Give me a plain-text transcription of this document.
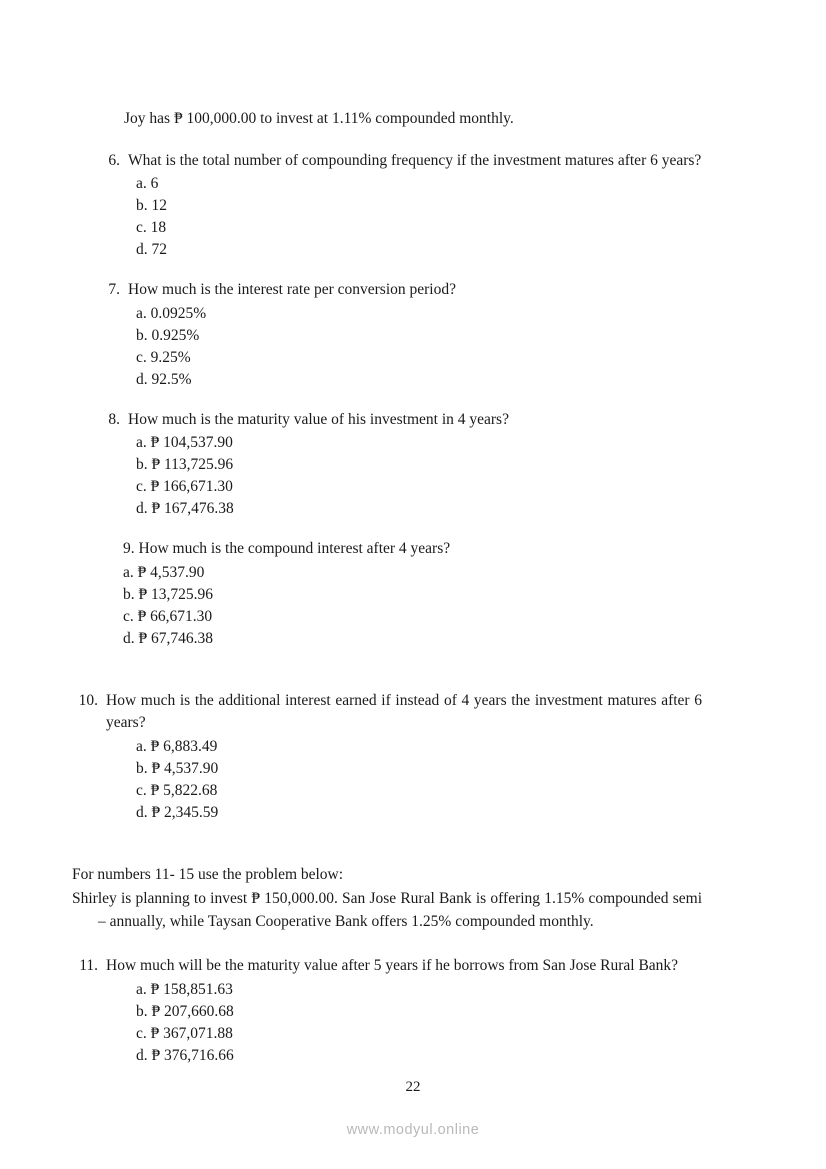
Joy has ₱ 100,000.00 to invest at 1.11% compounded monthly.

6. What is the total number of compounding frequency if the investment matures after 6 years?
a. 6
b. 12
c. 18
d. 72
7. How much is the interest rate per conversion period?
a. 0.0925%
b. 0.925%
c. 9.25%
d. 92.5%
8. How much is the maturity value of his investment in 4 years?
a. ₱ 104,537.90
b. ₱ 113,725.96
c. ₱ 166,671.30
d. ₱ 167,476.38
9. How much is the compound interest after 4 years?
a. ₱ 4,537.90
b. ₱ 13,725.96
c. ₱ 66,671.30
d. ₱ 67,746.38
10. How much is the additional interest earned if instead of 4 years the investment matures after 6 years?
a. ₱ 6,883.49
b. ₱ 4,537.90
c. ₱ 5,822.68
d. ₱ 2,345.59

For numbers 11- 15 use the problem below:

Shirley is planning to invest ₱ 150,000.00. San Jose Rural Bank is offering 1.15% compounded semi – annually, while Taysan Cooperative Bank offers 1.25% compounded monthly.

11. How much will be the maturity value after 5 years if he borrows from San Jose Rural Bank?
a. ₱ 158,851.63
b. ₱ 207,660.68
c. ₱ 367,071.88
d. ₱ 376,716.66
22
www.modyul.online
